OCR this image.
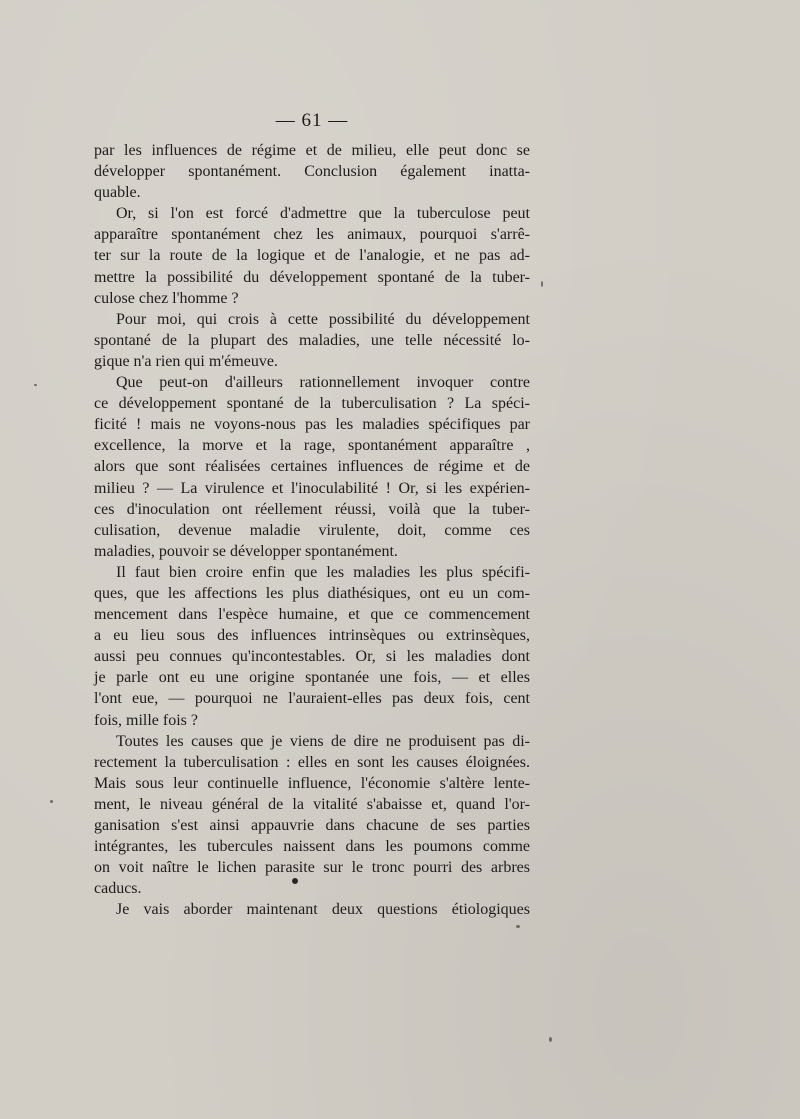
— 61 —
par les influences de régime et de milieu, elle peut donc se
développer spontanément. Conclusion également inatta-
quable.
Or, si l'on est forcé d'admettre que la tuberculose peut
apparaître spontanément chez les animaux, pourquoi s'arrê-
ter sur la route de la logique et de l'analogie, et ne pas ad-
mettre la possibilité du développement spontané de la tuber-
culose chez l'homme ?
Pour moi, qui crois à cette possibilité du développement
spontané de la plupart des maladies, une telle nécessité lo-
gique n'a rien qui m'émeuve.
Que peut-on d'ailleurs rationnellement invoquer contre
ce développement spontané de la tuberculisation ? La spéci-
ficité ! mais ne voyons-nous pas les maladies spécifiques par
excellence, la morve et la rage, spontanément apparaître ,
alors que sont réalisées certaines influences de régime et de
milieu ? — La virulence et l'inoculabilité ! Or, si les expérien-
ces d'inoculation ont réellement réussi, voilà que la tuber-
culisation, devenue maladie virulente, doit, comme ces
maladies, pouvoir se développer spontanément.
Il faut bien croire enfin que les maladies les plus spécifi-
ques, que les affections les plus diathésiques, ont eu un com-
mencement dans l'espèce humaine, et que ce commencement
a eu lieu sous des influences intrinsèques ou extrinsèques,
aussi peu connues qu'incontestables. Or, si les maladies dont
je parle ont eu une origine spontanée une fois, — et elles
l'ont eue, — pourquoi ne l'auraient-elles pas deux fois, cent
fois, mille fois ?
Toutes les causes que je viens de dire ne produisent pas di-
rectement la tuberculisation : elles en sont les causes éloignées.
Mais sous leur continuelle influence, l'économie s'altère lente-
ment, le niveau général de la vitalité s'abaisse et, quand l'or-
ganisation s'est ainsi appauvrie dans chacune de ses parties
intégrantes, les tubercules naissent dans les poumons comme
on voit naître le lichen parasite sur le tronc pourri des arbres
caducs.
Je vais aborder maintenant deux questions étiologiques
